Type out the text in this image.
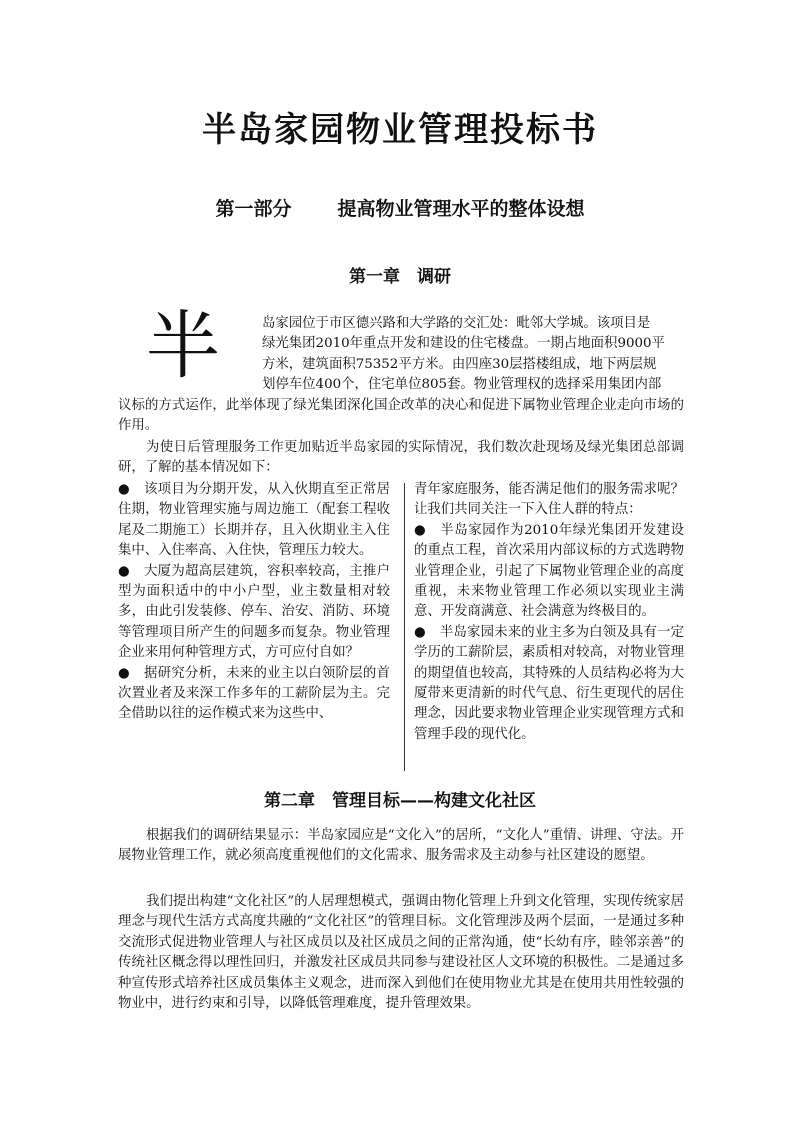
半岛家园物业管理投标书
第一部分 提高物业管理水平的整体设想
第一章　调研
半	岛家园位于市区德兴路和大学路的交汇处：毗邻大学城。该项目是
绿光集团2010年重点开发和建设的住宅楼盘。一期占地面积9000平
方米，建筑面积75352平方米。由四座30层搭楼组成，地下两层规
划停车位400个，住宅单位805套。物业管理权的选择采用集团内部
议标的方式运作，此举体现了绿光集团深化国企改革的决心和促进下属物业管理企业走向市场的作用。
为使日后管理服务工作更加贴近半岛家园的实际情况，我们数次赴现场及绿光集团总部调研，了解的基本情况如下：

● 该项目为分期开发，从入伙期直至正常居住期，物业管理实施与周边施工（配套工程收尾及二期施工）长期并存，且入伙期业主入住集中、入住率高、入住快，管理压力较大。

● 大厦为超高层建筑，容积率较高，主推户型为面积适中的中小户型，业主数量相对较多，由此引发装修、停车、治安、消防、环境等管理项目所产生的问题多而复杂。物业管理企业来用何种管理方式，方可应付自如？

● 据研究分析，未来的业主以白领阶层的首次置业者及来深工作多年的工薪阶层为主。完全借助以往的运作模式来为这些中、

青年家庭服务，能否满足他们的服务需求呢？让我们共同关注一下入住人群的特点：

● 半岛家园作为2010年绿光集团开发建设的重点工程，首次采用内部议标的方式选聘物业管理企业，引起了下属物业管理企业的高度重视，未来物业管理工作必须以实现业主满意、开发商满意、社会满意为终极目的。

● 半岛家园未来的业主多为白领及具有一定学历的工薪阶层，素质相对较高，对物业管理的期望值也较高，其特殊的人员结构必将为大厦带来更清新的时代气息、衍生更现代的居住理念，因此要求物业管理企业实现管理方式和管理手段的现代化。

第二章　管理目标——构建文化社区
根据我们的调研结果显示：半岛家园应是“文化入”的居所，“文化人”重情、讲理、守法。开展物业管理工作，就必须高度重视他们的文化需求、服务需求及主动参与社区建设的愿望。
我们提出构建“文化社区”的人居理想模式，强调由物化管理上升到文化管理，实现传统家居理念与现代生活方式高度共融的“文化社区”的管理目标。文化管理涉及两个层面，一是通过多种交流形式促进物业管理人与社区成员以及社区成员之间的正常沟通，使“长幼有序，睦邻亲善”的传统社区概念得以理性回归，并激发社区成员共同参与建设社区人文环境的积极性。二是通过多种宣传形式培养社区成员集体主义观念，进而深入到他们在使用物业尤其是在使用共用性较强的物业中，进行约束和引导，以降低管理难度，提升管理效果。
